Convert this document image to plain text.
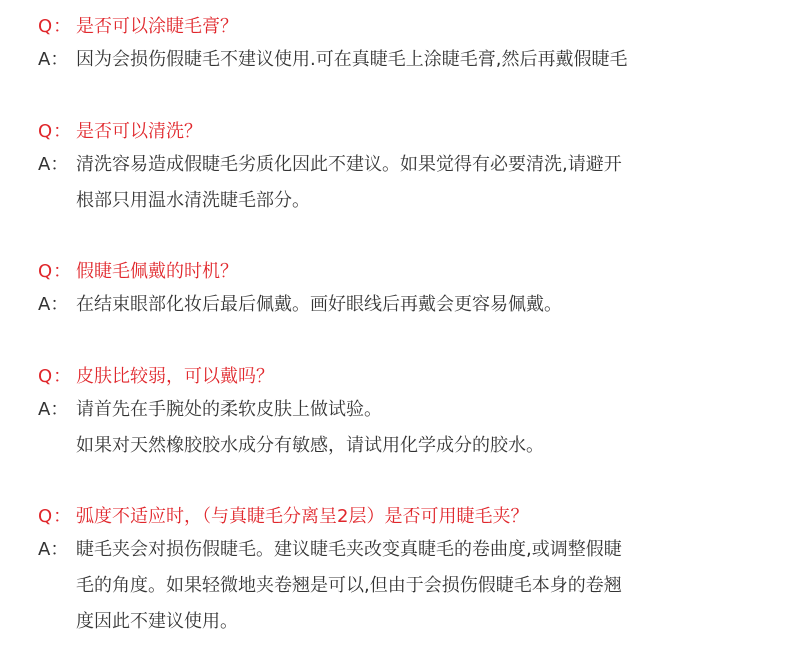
Q： 是否可以涂睫毛膏？
A： 因为会损伤假睫毛不建议使用.可在真睫毛上涂睫毛膏,然后再戴假睫毛
Q： 是否可以清洗？
A： 清洗容易造成假睫毛劣质化因此不建议。如果觉得有必要清洗,请避开
根部只用温水清洗睫毛部分。
Q： 假睫毛佩戴的时机？
A： 在结束眼部化妆后最后佩戴。画好眼线后再戴会更容易佩戴。
Q： 皮肤比较弱，可以戴吗？
A： 请首先在手腕处的柔软皮肤上做试验。
如果对天然橡胶胶水成分有敏感，请试用化学成分的胶水。
Q： 弧度不适应时，（与真睫毛分离呈2层）是否可用睫毛夹？
A： 睫毛夹会对损伤假睫毛。建议睫毛夹改变真睫毛的卷曲度,或调整假睫
毛的角度。如果轻微地夹卷翘是可以,但由于会损伤假睫毛本身的卷翘
度因此不建议使用。
